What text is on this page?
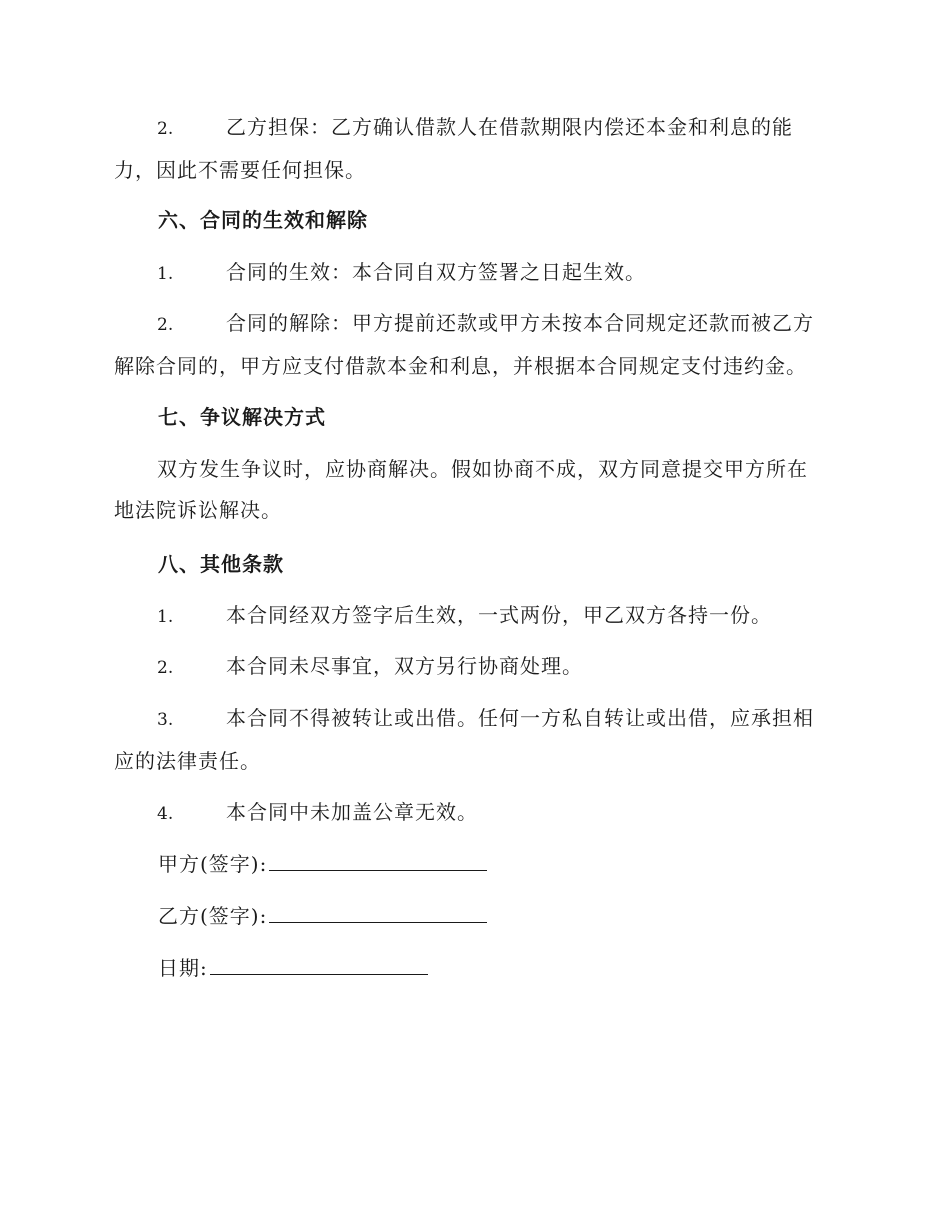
2.	乙方担保：乙方确认借款人在借款期限内偿还本金和利息的能
力，因此不需要任何担保。
六、合同的生效和解除
1.	合同的生效：本合同自双方签署之日起生效。
2.	合同的解除：甲方提前还款或甲方未按本合同规定还款而被乙方
解除合同的，甲方应支付借款本金和利息，并根据本合同规定支付违约金。
七、争议解决方式
双方发生争议时，应协商解决。假如协商不成，双方同意提交甲方所在
地法院诉讼解决。
八、其他条款
1.	本合同经双方签字后生效，一式两份，甲乙双方各持一份。
2.	本合同未尽事宜，双方另行协商处理。
3.	本合同不得被转让或出借。任何一方私自转让或出借，应承担相
应的法律责任。
4.	本合同中未加盖公章无效。
甲方(签字):
乙方(签字):
日期:
